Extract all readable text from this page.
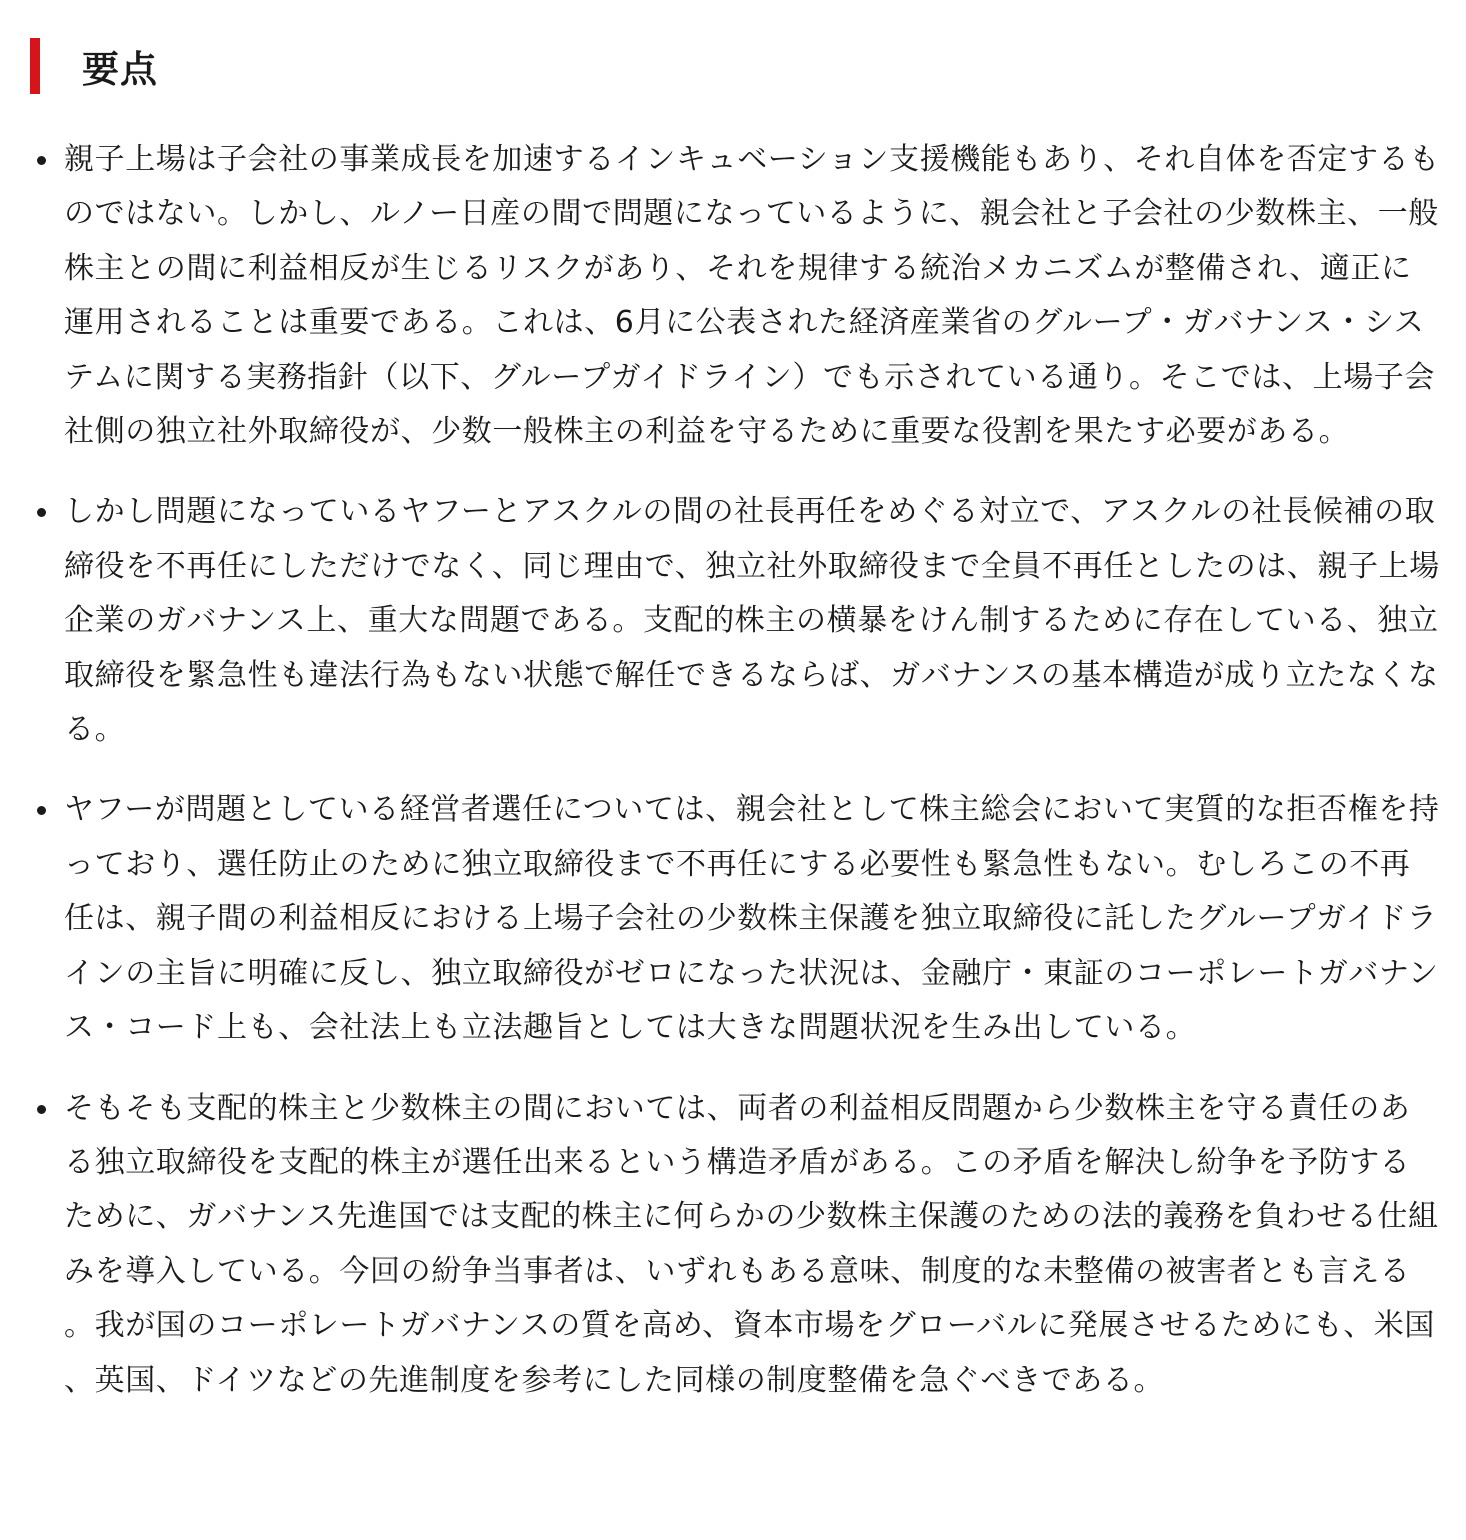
要点
親子上場は子会社の事業成長を加速するインキュベーション支援機能もあり、それ自体を否定するものではない。しかし、ルノー日産の間で問題になっているように、親会社と子会社の少数株主、一般株主との間に利益相反が生じるリスクがあり、それを規律する統治メカニズムが整備され、適正に運用されることは重要である。これは、6月に公表された経済産業省のグループ・ガバナンス・システムに関する実務指針（以下、グループガイドライン）でも示されている通り。そこでは、上場子会社側の独立社外取締役が、少数一般株主の利益を守るために重要な役割を果たす必要がある。
しかし問題になっているヤフーとアスクルの間の社長再任をめぐる対立で、アスクルの社長候補の取締役を不再任にしただけでなく、同じ理由で、独立社外取締役まで全員不再任としたのは、親子上場企業のガバナンス上、重大な問題である。支配的株主の横暴をけん制するために存在している、独立取締役を緊急性も違法行為もない状態で解任できるならば、ガバナンスの基本構造が成り立たなくなる。
ヤフーが問題としている経営者選任については、親会社として株主総会において実質的な拒否権を持っており、選任防止のために独立取締役まで不再任にする必要性も緊急性もない。むしろこの不再任は、親子間の利益相反における上場子会社の少数株主保護を独立取締役に託したグループガイドラインの主旨に明確に反し、独立取締役がゼロになった状況は、金融庁・東証のコーポレートガバナンス・コード上も、会社法上も立法趣旨としては大きな問題状況を生み出している。
そもそも支配的株主と少数株主の間においては、両者の利益相反問題から少数株主を守る責任のある独立取締役を支配的株主が選任出来るという構造矛盾がある。この矛盾を解決し紛争を予防するために、ガバナンス先進国では支配的株主に何らかの少数株主保護のための法的義務を負わせる仕組みを導入している。今回の紛争当事者は、いずれもある意味、制度的な未整備の被害者とも言える。我が国のコーポレートガバナンスの質を高め、資本市場をグローバルに発展させるためにも、米国、英国、ドイツなどの先進制度を参考にした同様の制度整備を急ぐべきである。
